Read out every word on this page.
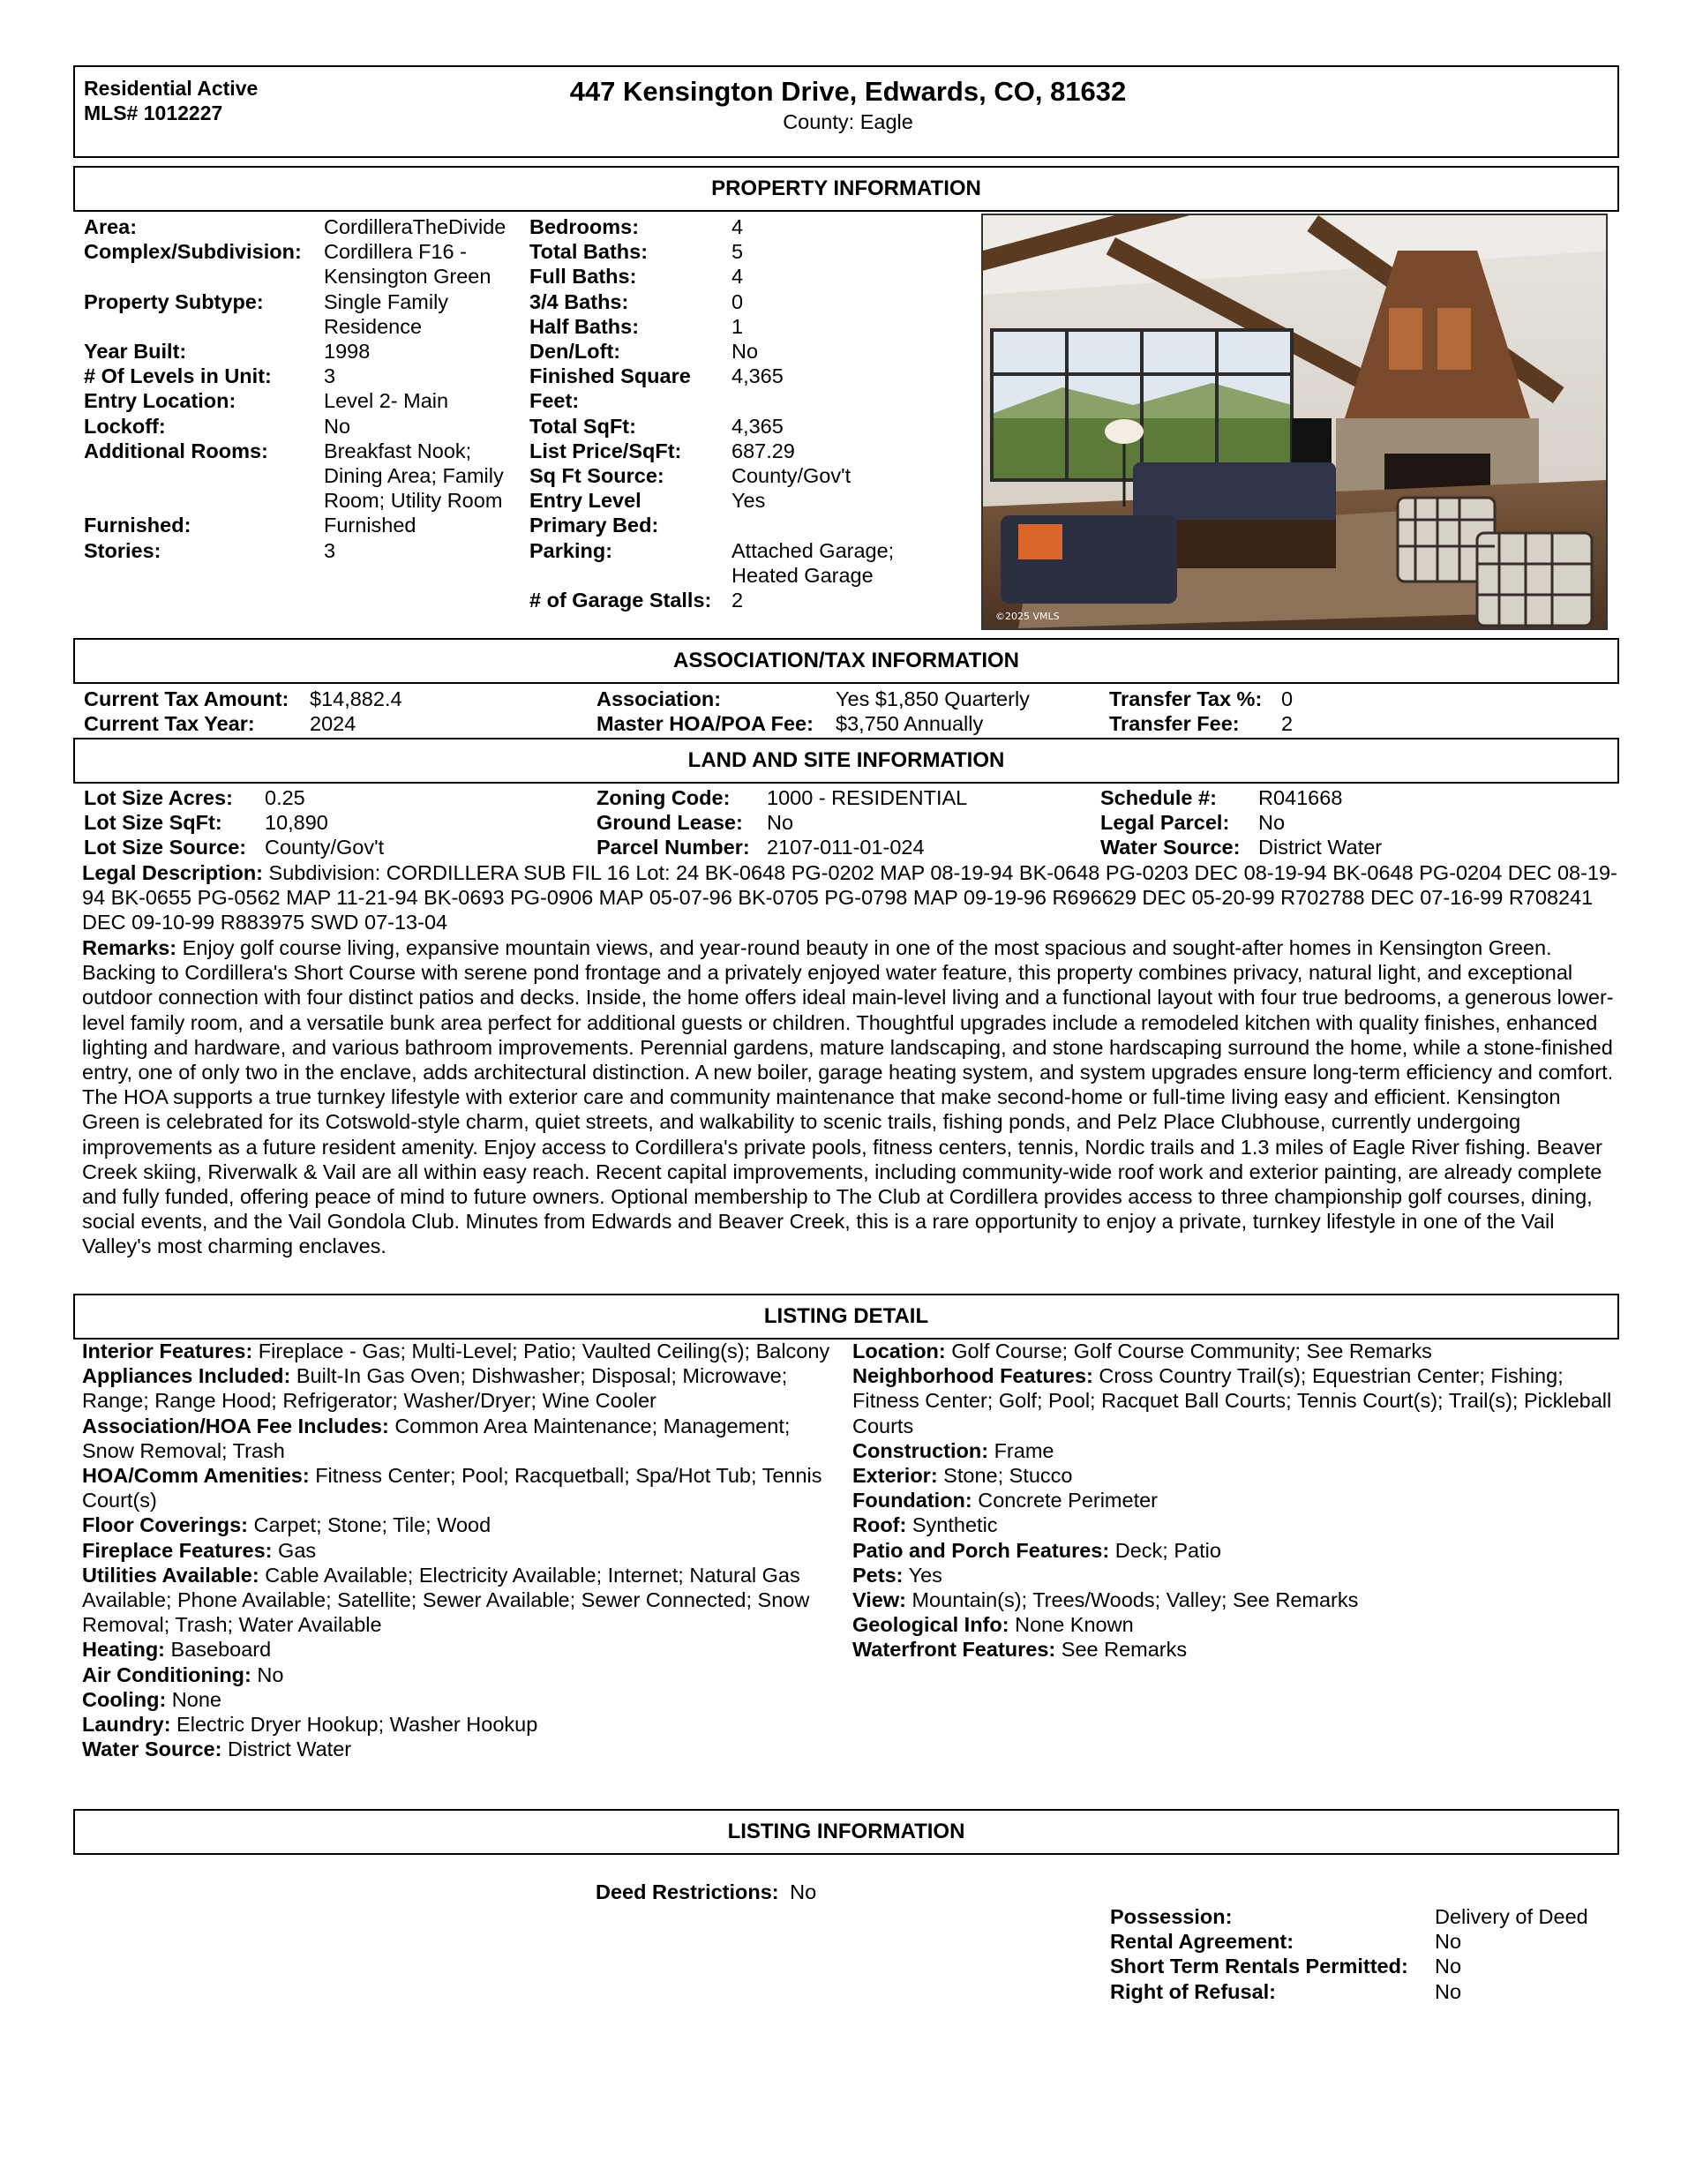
Residential Active
MLS# 1012227
447 Kensington Drive, Edwards, CO, 81632
County: Eagle
PROPERTY INFORMATION
Area:	CordilleraTheDivide
Complex/Subdivision:	Cordillera F16 -
	Kensington Green
Property Subtype:	Single Family
	Residence
Year Built:	1998
# Of Levels in Unit:	3
Entry Location:	Level 2- Main
Lockoff:	No
Additional Rooms:	Breakfast Nook;
	Dining Area; Family
	Room; Utility Room
Furnished:	Furnished
Stories:	3
Bedrooms:	4
Total Baths:	5
Full Baths:	4
3/4 Baths:	0
Half Baths:	1
Den/Loft:	No
Finished Square	4,365
Feet:	
Total SqFt:	4,365
List Price/SqFt:	687.29
Sq Ft Source:	County/Gov't
Entry Level	Yes
Primary Bed:	
Parking:	Attached Garage;
	Heated Garage
# of Garage Stalls:	2
©2025 VMLS
ASSOCIATION/TAX INFORMATION
Current Tax Amount: $14,882.4
Current Tax Year:	2024
Association:	Yes $1,850 Quarterly
Master HOA/POA Fee: $3,750 Annually
Transfer Tax %: 0
Transfer Fee: 2
LAND AND SITE INFORMATION
Lot Size Acres: 0.25
Lot Size SqFt: 10,890
Lot Size Source: County/Gov't
Zoning Code: 1000 - RESIDENTIAL
Ground Lease: No
Parcel Number: 2107-011-01-024
Schedule #: R041668
Legal Parcel: No
Water Source: District Water
Legal Description: Subdivision: CORDILLERA SUB FIL 16 Lot: 24 BK-0648 PG-0202 MAP 08-19-94 BK-0648 PG-0203 DEC 08-19-94 BK-0648 PG-0204 DEC 08-19-94 BK-0655 PG-0562 MAP 11-21-94 BK-0693 PG-0906 MAP 05-07-96 BK-0705 PG-0798 MAP 09-19-96 R696629 DEC 05-20-99 R702788 DEC 07-16-99 R708241 DEC 09-10-99 R883975 SWD 07-13-04
Remarks: Enjoy golf course living, expansive mountain views, and year-round beauty in one of the most spacious and sought-after homes in Kensington Green. Backing to Cordillera's Short Course with serene pond frontage and a privately enjoyed water feature, this property combines privacy, natural light, and exceptional outdoor connection with four distinct patios and decks. Inside, the home offers ideal main-level living and a functional layout with four true bedrooms, a generous lower-level family room, and a versatile bunk area perfect for additional guests or children. Thoughtful upgrades include a remodeled kitchen with quality finishes, enhanced lighting and hardware, and various bathroom improvements. Perennial gardens, mature landscaping, and stone hardscaping surround the home, while a stone-finished entry, one of only two in the enclave, adds architectural distinction. A new boiler, garage heating system, and system upgrades ensure long-term efficiency and comfort. The HOA supports a true turnkey lifestyle with exterior care and community maintenance that make second-home or full-time living easy and efficient. Kensington Green is celebrated for its Cotswold-style charm, quiet streets, and walkability to scenic trails, fishing ponds, and Pelz Place Clubhouse, currently undergoing improvements as a future resident amenity. Enjoy access to Cordillera's private pools, fitness centers, tennis, Nordic trails and 1.3 miles of Eagle River fishing. Beaver Creek skiing, Riverwalk & Vail are all within easy reach. Recent capital improvements, including community-wide roof work and exterior painting, are already complete and fully funded, offering peace of mind to future owners. Optional membership to The Club at Cordillera provides access to three championship golf courses, dining, social events, and the Vail Gondola Club. Minutes from Edwards and Beaver Creek, this is a rare opportunity to enjoy a private, turnkey lifestyle in one of the Vail Valley's most charming enclaves.
LISTING DETAIL
Interior Features: Fireplace - Gas; Multi-Level; Patio; Vaulted Ceiling(s); Balcony
Appliances Included: Built-In Gas Oven; Dishwasher; Disposal; Microwave; Range; Range Hood; Refrigerator; Washer/Dryer; Wine Cooler
Association/HOA Fee Includes: Common Area Maintenance; Management; Snow Removal; Trash
HOA/Comm Amenities: Fitness Center; Pool; Racquetball; Spa/Hot Tub; Tennis Court(s)
Floor Coverings: Carpet; Stone; Tile; Wood
Fireplace Features: Gas
Utilities Available: Cable Available; Electricity Available; Internet; Natural Gas Available; Phone Available; Satellite; Sewer Available; Sewer Connected; Snow Removal; Trash; Water Available
Heating: Baseboard
Air Conditioning: No
Cooling: None
Laundry: Electric Dryer Hookup; Washer Hookup
Water Source: District Water
Location: Golf Course; Golf Course Community; See Remarks
Neighborhood Features: Cross Country Trail(s); Equestrian Center; Fishing; Fitness Center; Golf; Pool; Racquet Ball Courts; Tennis Court(s); Trail(s); Pickleball Courts
Construction: Frame
Exterior: Stone; Stucco
Foundation: Concrete Perimeter
Roof: Synthetic
Patio and Porch Features: Deck; Patio
Pets: Yes
View: Mountain(s); Trees/Woods; Valley; See Remarks
Geological Info: None Known
Waterfront Features: See Remarks
LISTING INFORMATION
Deed Restrictions: No
Possession:	Delivery of Deed
Rental Agreement:	No
Short Term Rentals Permitted:	No
Right of Refusal:	No
